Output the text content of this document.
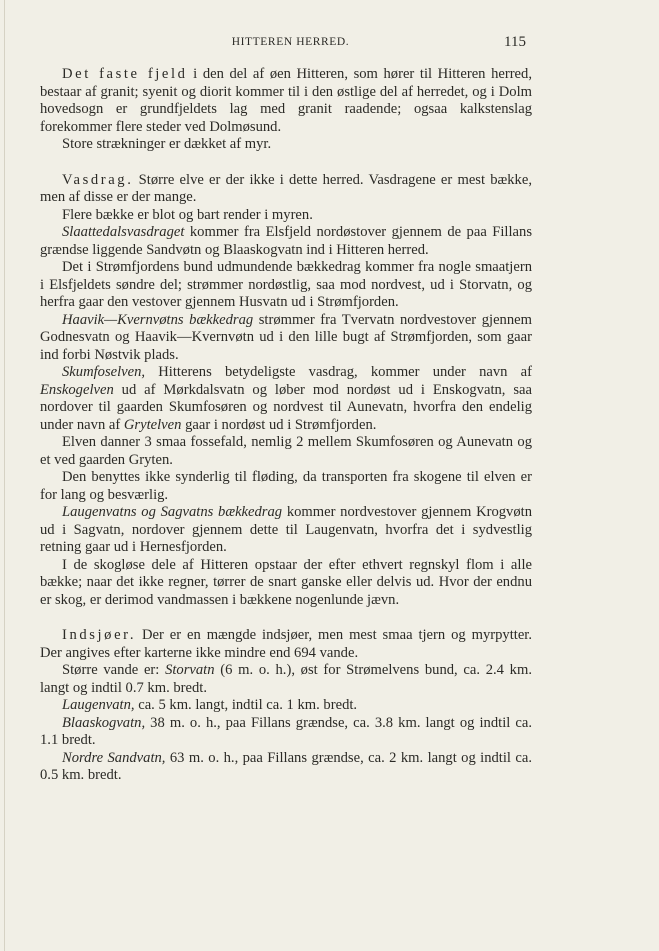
HITTEREN HERRED.	115

Det faste fjeld i den del af øen Hitteren, som hører til Hitteren herred, bestaar af granit; syenit og diorit kommer til i den østlige del af herredet, og i Dolm hovedsogn er grundfjeldets lag med granit raadende; ogsaa kalkstenslag forekommer flere steder ved Dolmøsund.

Store strækninger er dækket af myr.

Vasdrag. Større elve er der ikke i dette herred. Vasdragene er mest bække, men af disse er der mange.

Flere bække er blot og bart render i myren.

Slaattedalsvasdraget kommer fra Elsfjeld nordøstover gjennem de paa Fillans grændse liggende Sandvøtn og Blaaskogvatn ind i Hitteren herred.

Det i Strømfjordens bund udmundende bækkedrag kommer fra nogle smaatjern i Elsfjeldets søndre del; strømmer nordøstlig, saa mod nordvest, ud i Storvatn, og herfra gaar den vestover gjennem Husvatn ud i Strømfjorden.

Haavik—Kvernvøtns bækkedrag strømmer fra Tvervatn nordvestover gjennem Godnesvatn og Haavik—Kvernvøtn ud i den lille bugt af Strømfjorden, som gaar ind forbi Nøstvik plads.

Skumfoselven, Hitterens betydeligste vasdrag, kommer under navn af Enskogelven ud af Mørkdalsvatn og løber mod nordøst ud i Enskogvatn, saa nordover til gaarden Skumfosøren og nordvest til Aunevatn, hvorfra den endelig under navn af Grytelven gaar i nordøst ud i Strømfjorden.

Elven danner 3 smaa fossefald, nemlig 2 mellem Skumfosøren og Aunevatn og et ved gaarden Gryten.

Den benyttes ikke synderlig til fløding, da transporten fra skogene til elven er for lang og besværlig.

Laugenvatns og Sagvatns bækkedrag kommer nordvestover gjennem Krogvøtn ud i Sagvatn, nordover gjennem dette til Laugenvatn, hvorfra det i sydvestlig retning gaar ud i Hernesfjorden.

I de skogløse dele af Hitteren opstaar der efter ethvert regnskyl flom i alle bække; naar det ikke regner, tørrer de snart ganske eller delvis ud. Hvor der endnu er skog, er derimod vandmassen i bækkene nogenlunde jævn.

Indsjøer. Der er en mængde indsjøer, men mest smaa tjern og myrpytter. Der angives efter karterne ikke mindre end 694 vande.

Større vande er: Storvatn (6 m. o. h.), øst for Strømelvens bund, ca. 2.4 km. langt og indtil 0.7 km. bredt.

Laugenvatn, ca. 5 km. langt, indtil ca. 1 km. bredt.

Blaaskogvatn, 38 m. o. h., paa Fillans grændse, ca. 3.8 km. langt og indtil ca. 1.1 bredt.

Nordre Sandvatn, 63 m. o. h., paa Fillans grændse, ca. 2 km. langt og indtil ca. 0.5 km. bredt.
